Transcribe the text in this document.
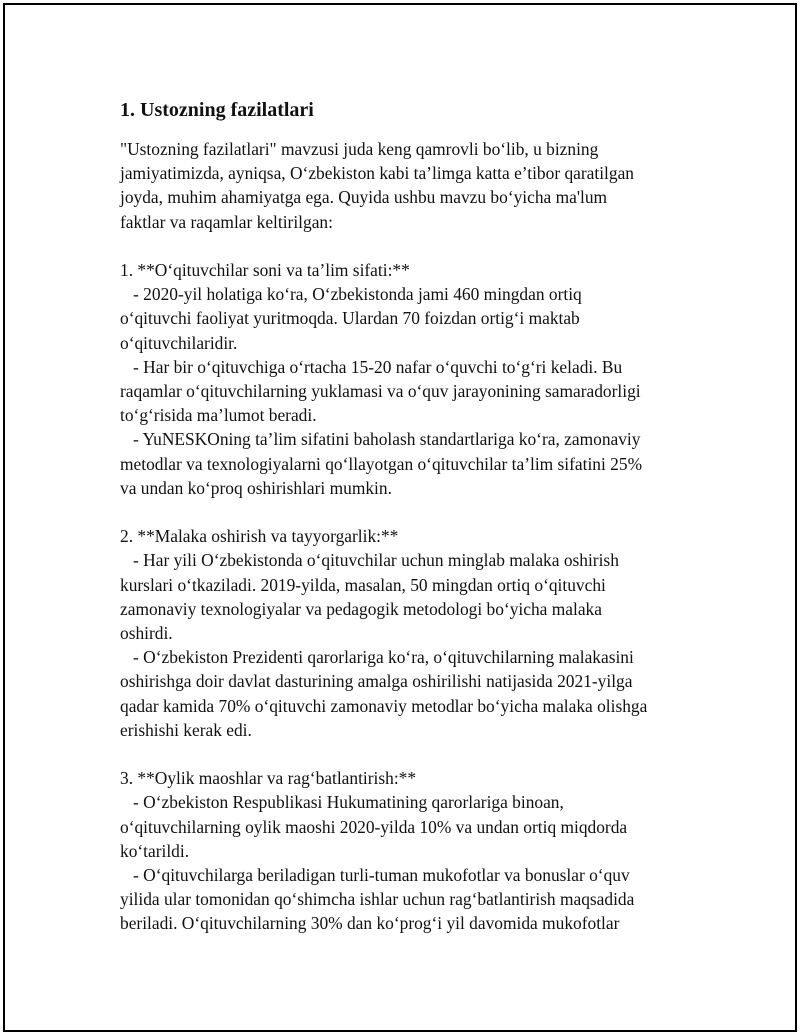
1. Ustozning fazilatlari
"Ustozning fazilatlari" mavzusi juda keng qamrovli bo‘lib, u bizning
jamiyatimizda, ayniqsa, O‘zbekiston kabi ta’limga katta e’tibor qaratilgan
joyda, muhim ahamiyatga ega. Quyida ushbu mavzu bo‘yicha ma'lum
faktlar va raqamlar keltirilgan:
1. **O‘qituvchilar soni va ta’lim sifati:**
- 2020-yil holatiga ko‘ra, O‘zbekistonda jami 460 mingdan ortiq
o‘qituvchi faoliyat yuritmoqda. Ulardan 70 foizdan ortig‘i maktab
o‘qituvchilaridir.
- Har bir o‘qituvchiga o‘rtacha 15-20 nafar o‘quvchi to‘g‘ri keladi. Bu
raqamlar o‘qituvchilarning yuklamasi va o‘quv jarayonining samaradorligi
to‘g‘risida ma’lumot beradi.
- YuNESKOning ta’lim sifatini baholash standartlariga ko‘ra, zamonaviy
metodlar va texnologiyalarni qo‘llayotgan o‘qituvchilar ta’lim sifatini 25%
va undan ko‘proq oshirishlari mumkin.
2. **Malaka oshirish va tayyorgarlik:**
- Har yili O‘zbekistonda o‘qituvchilar uchun minglab malaka oshirish
kurslari o‘tkaziladi. 2019-yilda, masalan, 50 mingdan ortiq o‘qituvchi
zamonaviy texnologiyalar va pedagogik metodologi bo‘yicha malaka
oshirdi.
- O‘zbekiston Prezidenti qarorlariga ko‘ra, o‘qituvchilarning malakasini
oshirishga doir davlat dasturining amalga oshirilishi natijasida 2021-yilga
qadar kamida 70% o‘qituvchi zamonaviy metodlar bo‘yicha malaka olishga
erishishi kerak edi.
3. **Oylik maoshlar va rag‘batlantirish:**
- O‘zbekiston Respublikasi Hukumatining qarorlariga binoan,
o‘qituvchilarning oylik maoshi 2020-yilda 10% va undan ortiq miqdorda
ko‘tarildi.
- O‘qituvchilarga beriladigan turli-tuman mukofotlar va bonuslar o‘quv
yilida ular tomonidan qo‘shimcha ishlar uchun rag‘batlantirish maqsadida
beriladi. O‘qituvchilarning 30% dan ko‘prog‘i yil davomida mukofotlar
